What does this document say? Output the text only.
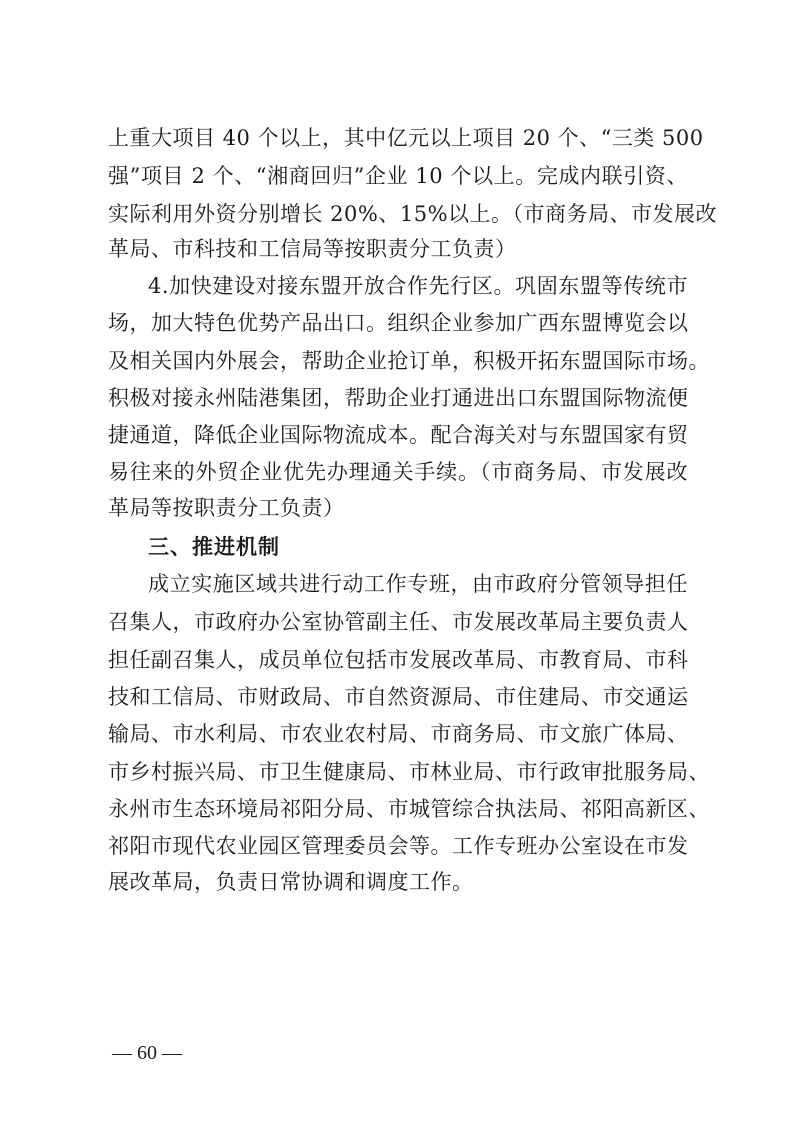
上重大项目 40 个以上，其中亿元以上项目 20 个、“三类 500
强”项目 2 个、“湘商回归”企业 10 个以上。完成内联引资、
实际利用外资分别增长 20%、15%以上。（市商务局、市发展改
革局、市科技和工信局等按职责分工负责）
4.加快建设对接东盟开放合作先行区。巩固东盟等传统市
场，加大特色优势产品出口。组织企业参加广西东盟博览会以
及相关国内外展会，帮助企业抢订单，积极开拓东盟国际市场。
积极对接永州陆港集团，帮助企业打通进出口东盟国际物流便
捷通道，降低企业国际物流成本。配合海关对与东盟国家有贸
易往来的外贸企业优先办理通关手续。（市商务局、市发展改
革局等按职责分工负责）
三、推进机制
成立实施区域共进行动工作专班，由市政府分管领导担任
召集人，市政府办公室协管副主任、市发展改革局主要负责人
担任副召集人，成员单位包括市发展改革局、市教育局、市科
技和工信局、市财政局、市自然资源局、市住建局、市交通运
输局、市水利局、市农业农村局、市商务局、市文旅广体局、
市乡村振兴局、市卫生健康局、市林业局、市行政审批服务局、
永州市生态环境局祁阳分局、市城管综合执法局、祁阳高新区、
祁阳市现代农业园区管理委员会等。工作专班办公室设在市发
展改革局，负责日常协调和调度工作。
— 60 —
